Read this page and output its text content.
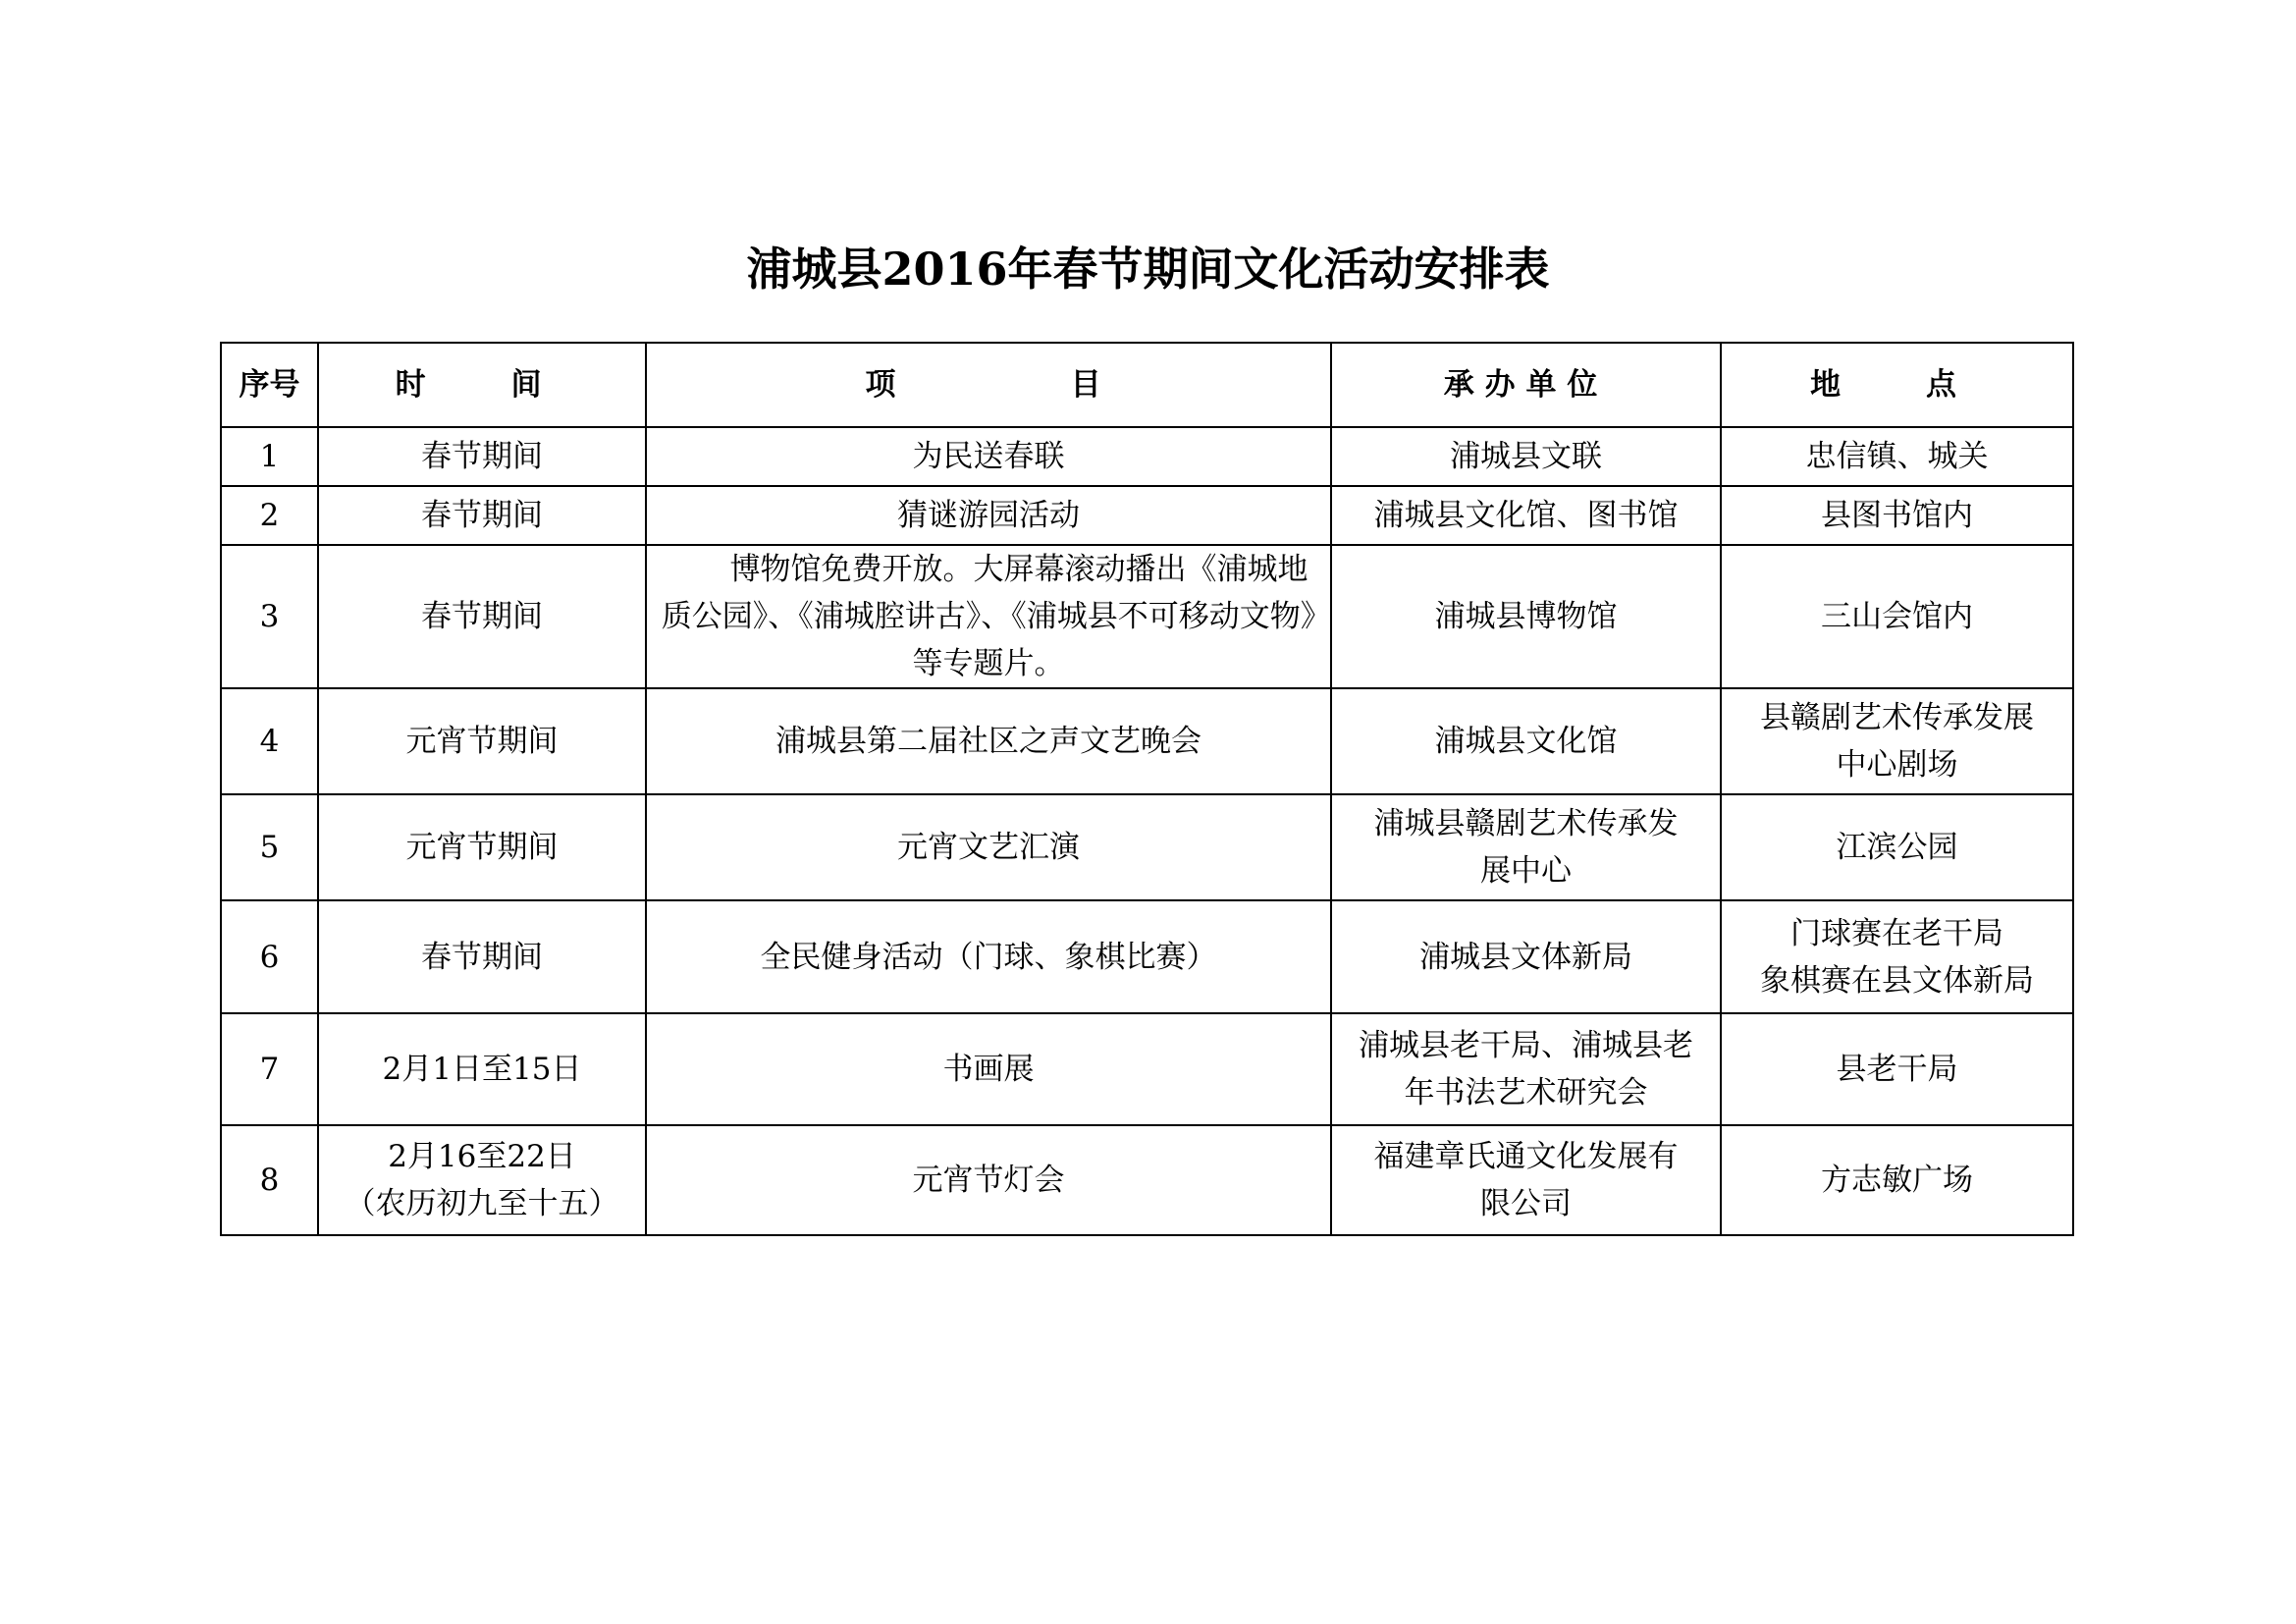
浦城县2016年春节期间文化活动安排表
序号	时　间	项　　　　目	承办单位	地　点
1	春节期间	为民送春联	浦城县文联	忠信镇、城关

2	春节期间	猜谜游园活动	浦城县文化馆、图书馆	县图书馆内

3	春节期间	博物馆免费开放。大屏幕滚动播出《浦城地质公园》、《浦城腔讲古》、《浦城县不可移动文物》等专题片。	浦城县博物馆	三山会馆内

4	元宵节期间	浦城县第二届社区之声文艺晚会	浦城县文化馆	县赣剧艺术传承发展
中心剧场

5	元宵节期间	元宵文艺汇演	浦城县赣剧艺术传承发
展中心	江滨公园

6	春节期间	全民健身活动（门球、象棋比赛）	浦城县文体新局	门球赛在老干局
象棋赛在县文体新局

7	2月1日至15日	书画展	浦城县老干局、浦城县老
年书法艺术研究会	县老干局

8	2月16至22日
（农历初九至十五）	元宵节灯会	福建章氏通文化发展有
限公司	方志敏广场
